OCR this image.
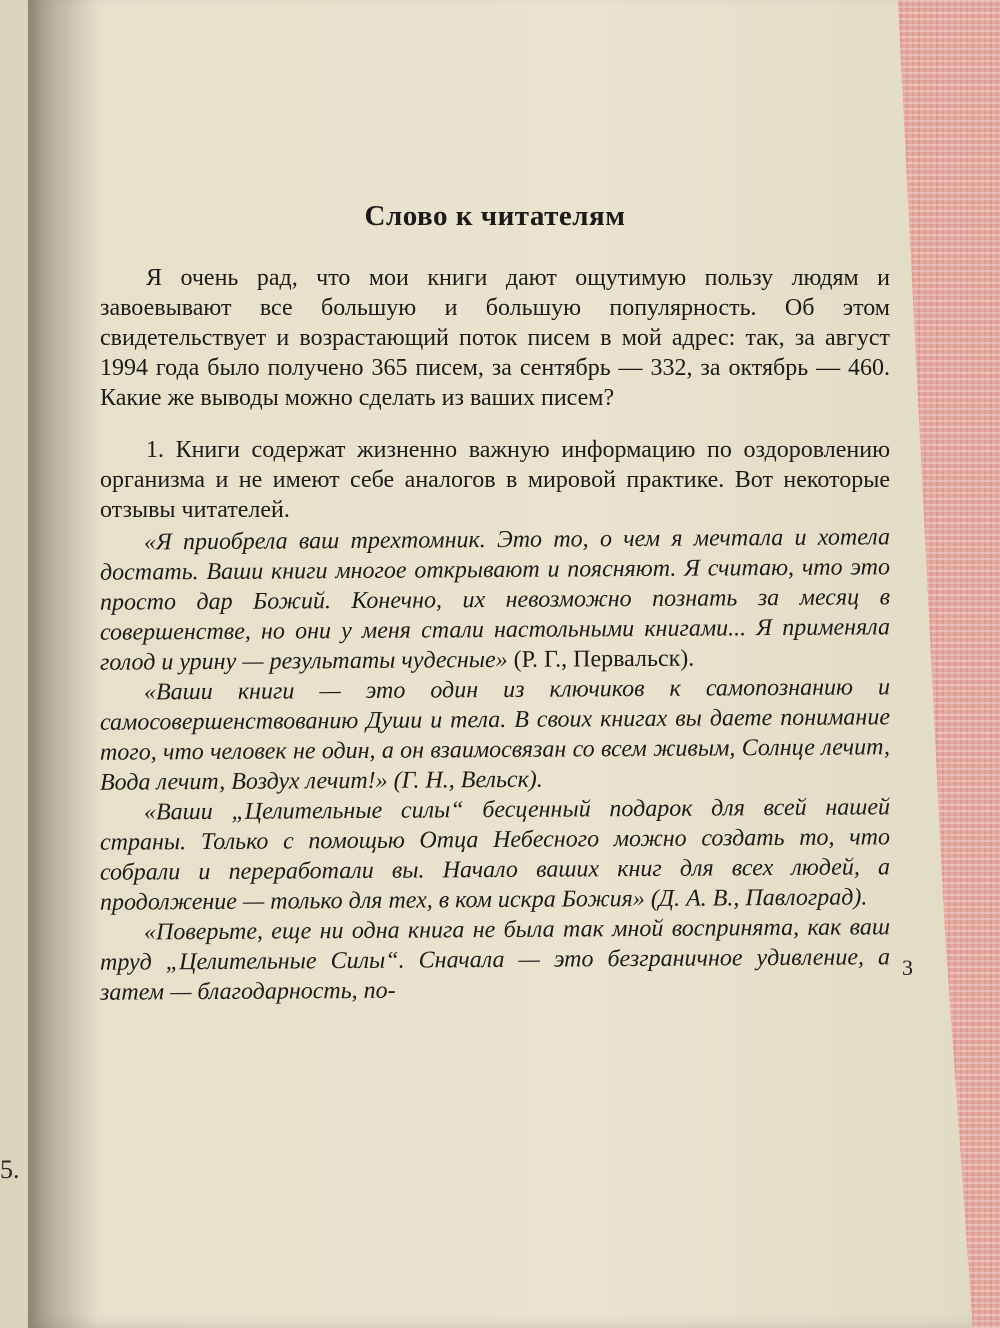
5.
Слово к читателям

Я очень рад, что мои книги дают ощутимую пользу людям и завоевывают все большую и большую популярность. Об этом свидетельствует и возрастающий поток писем в мой адрес: так, за август 1994 года было получено 365 писем, за сентябрь — 332, за октябрь — 460. Какие же выводы можно сделать из ваших писем?

1. Книги содержат жизненно важную информацию по оздоровлению организма и не имеют себе аналогов в мировой практике. Вот некоторые отзывы читателей.

«Я приобрела ваш трехтомник. Это то, о чем я мечтала и хотела достать. Ваши книги многое открывают и поясняют. Я считаю, что это просто дар Божий. Конечно, их невозможно познать за месяц в совершенстве, но они у меня стали настольными книгами... Я применяла голод и урину — результаты чудесные» (Р. Г., Первальск).

«Ваши книги — это один из ключиков к самопознанию и самосовершенствованию Души и тела. В своих книгах вы даете понимание того, что человек не один, а он взаимосвязан со всем живым, Солнце лечит, Вода лечит, Воздух лечит!» (Г. Н., Вельск).

«Ваши „Целительные силы“ бесценный подарок для всей нашей страны. Только с помощью Отца Небесного можно создать то, что собрали и переработали вы. Начало ваших книг для всех людей, а продолжение — только для тех, в ком искра Божия» (Д. А. В., Павлоград).

«Поверьте, еще ни одна книга не была так мной воспринята, как ваш труд „Целительные Силы“. Сначала — это безграничное удивление, а затем — благодарность, по-

3
